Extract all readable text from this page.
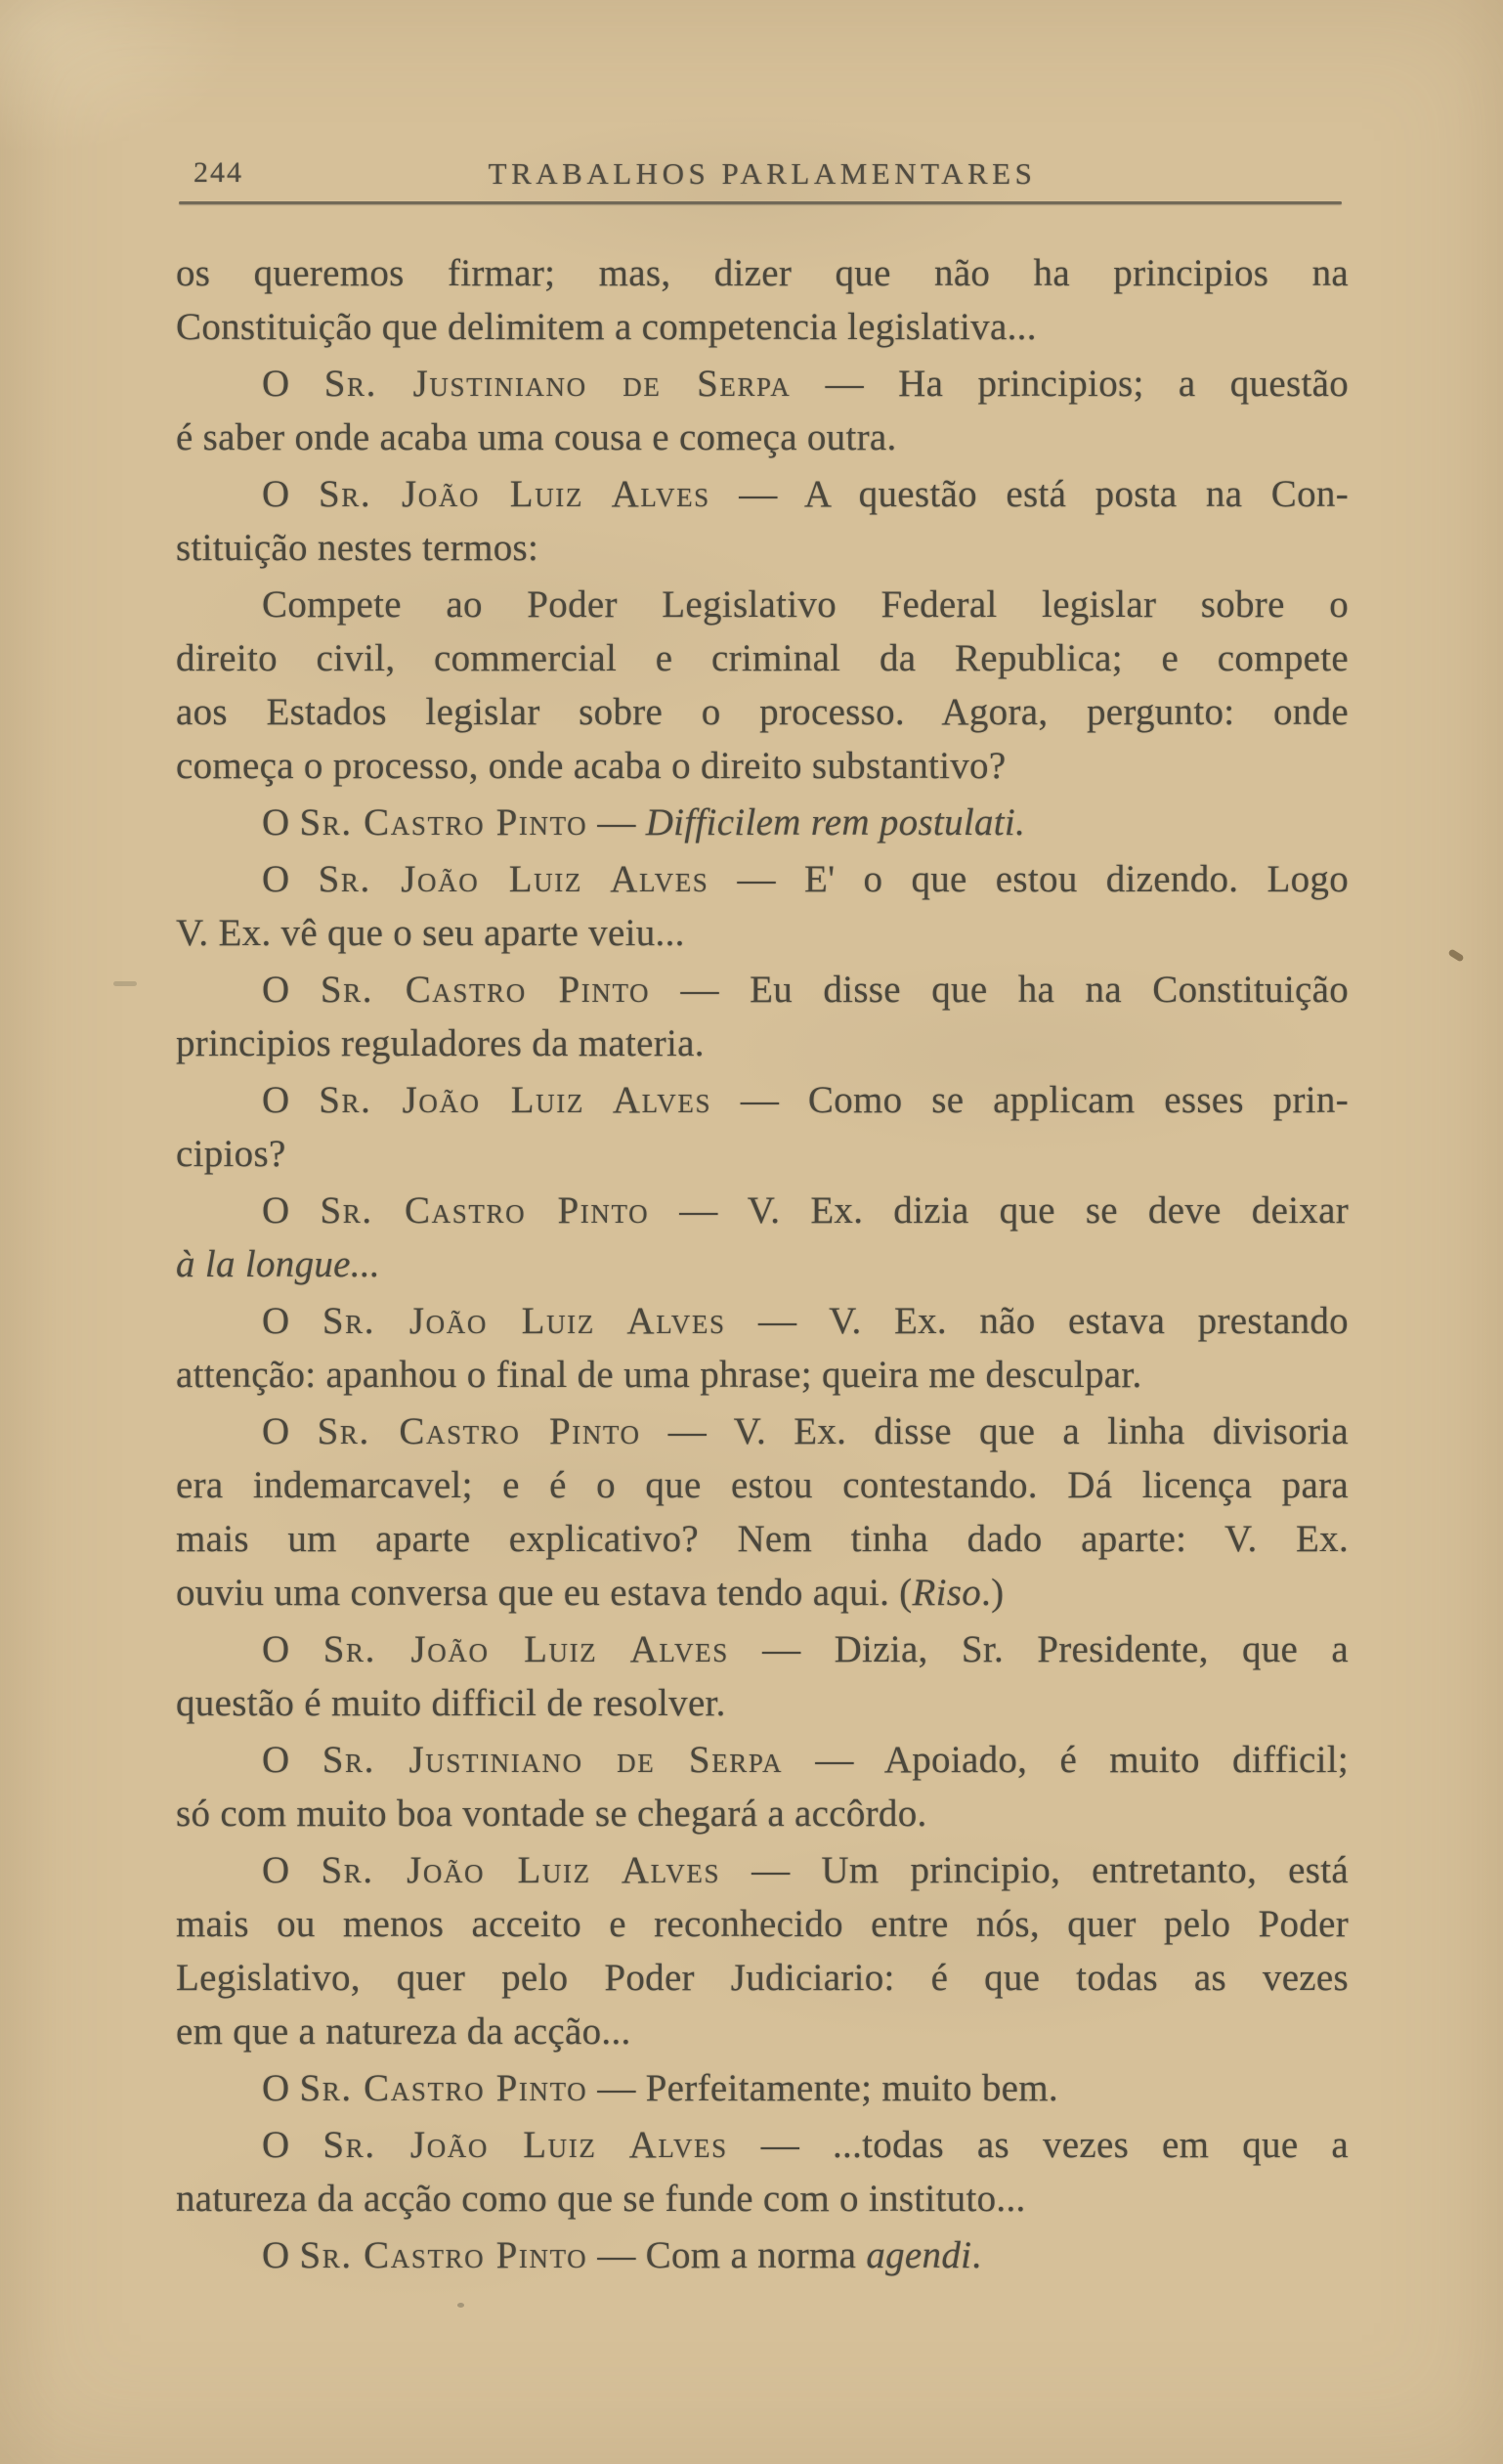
244	TRABALHOS PARLAMENTARES
os queremos firmar; mas, dizer que não ha principios na
Constituição que delimitem a competencia legislativa...
O Sr. Justiniano de Serpa — Ha principios; a questão
é saber onde acaba uma cousa e começa outra.
O Sr. João Luiz Alves — A questão está posta na Con-
stituição nestes termos:
Compete ao Poder Legislativo Federal legislar sobre o
direito civil, commercial e criminal da Republica; e compete
aos Estados legislar sobre o processo. Agora, pergunto: onde
começa o processo, onde acaba o direito substantivo?
O Sr. Castro Pinto — Difficilem rem postulati.
O Sr. João Luiz Alves — E' o que estou dizendo. Logo
V. Ex. vê que o seu aparte veiu...
O Sr. Castro Pinto — Eu disse que ha na Constituição
principios reguladores da materia.
O Sr. João Luiz Alves — Como se applicam esses prin-
cipios?
O Sr. Castro Pinto — V. Ex. dizia que se deve deixar
à la longue...
O Sr. João Luiz Alves — V. Ex. não estava prestando
attenção: apanhou o final de uma phrase; queira me desculpar.
O Sr. Castro Pinto — V. Ex. disse que a linha divisoria
era indemarcavel; e é o que estou contestando. Dá licença para
mais um aparte explicativo? Nem tinha dado aparte: V. Ex.
ouviu uma conversa que eu estava tendo aqui. (Riso.)
O Sr. João Luiz Alves — Dizia, Sr. Presidente, que a
questão é muito difficil de resolver.
O Sr. Justiniano de Serpa — Apoiado, é muito difficil;
só com muito boa vontade se chegará a accôrdo.
O Sr. João Luiz Alves — Um principio, entretanto, está
mais ou menos acceito e reconhecido entre nós, quer pelo Poder
Legislativo, quer pelo Poder Judiciario: é que todas as vezes
em que a natureza da acção...
O Sr. Castro Pinto — Perfeitamente; muito bem.
O Sr. João Luiz Alves — ...todas as vezes em que a
natureza da acção como que se funde com o instituto...
O Sr. Castro Pinto — Com a norma agendi.
